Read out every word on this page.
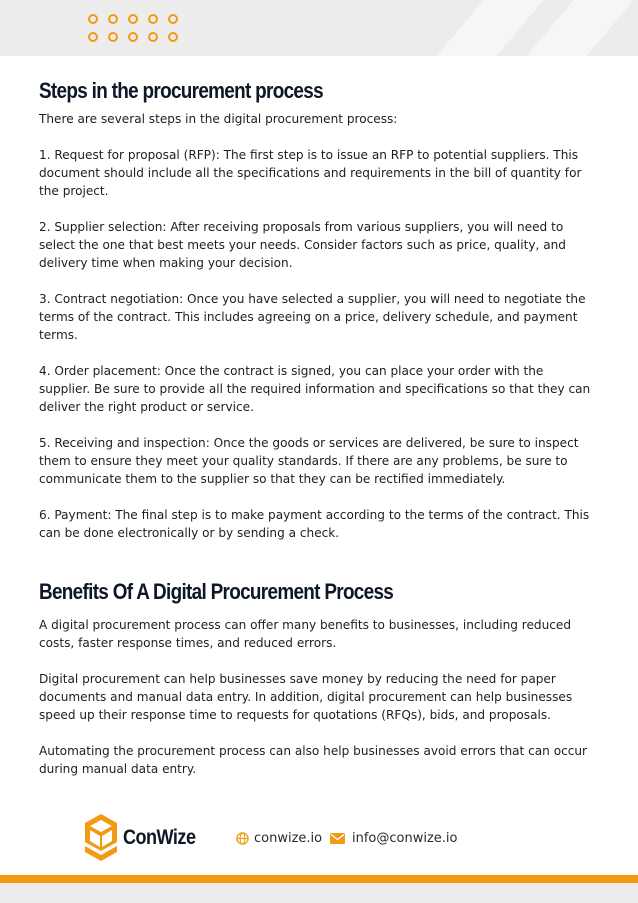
Steps in the procurement process

There are several steps in the digital procurement process:

1. Request for proposal (RFP): The first step is to issue an RFP to potential suppliers. This document should include all the specifications and requirements in the bill of quantity for the project.

2. Supplier selection: After receiving proposals from various suppliers, you will need to select the one that best meets your needs. Consider factors such as price, quality, and delivery time when making your decision.

3. Contract negotiation: Once you have selected a supplier, you will need to negotiate the terms of the contract. This includes agreeing on a price, delivery schedule, and payment terms.

4. Order placement: Once the contract is signed, you can place your order with the supplier. Be sure to provide all the required information and specifications so that they can deliver the right product or service.

5. Receiving and inspection: Once the goods or services are delivered, be sure to inspect them to ensure they meet your quality standards. If there are any problems, be sure to communicate them to the supplier so that they can be rectified immediately.

6. Payment: The final step is to make payment according to the terms of the contract. This can be done electronically or by sending a check.

Benefits Of A Digital Procurement Process

A digital procurement process can offer many benefits to businesses, including reduced costs, faster response times, and reduced errors.

Digital procurement can help businesses save money by reducing the need for paper documents and manual data entry. In addition, digital procurement can help businesses speed up their response time to requests for quotations (RFQs), bids, and proposals.

Automating the procurement process can also help businesses avoid errors that can occur during manual data entry.

ConWize	conwize.io info@conwize.io
